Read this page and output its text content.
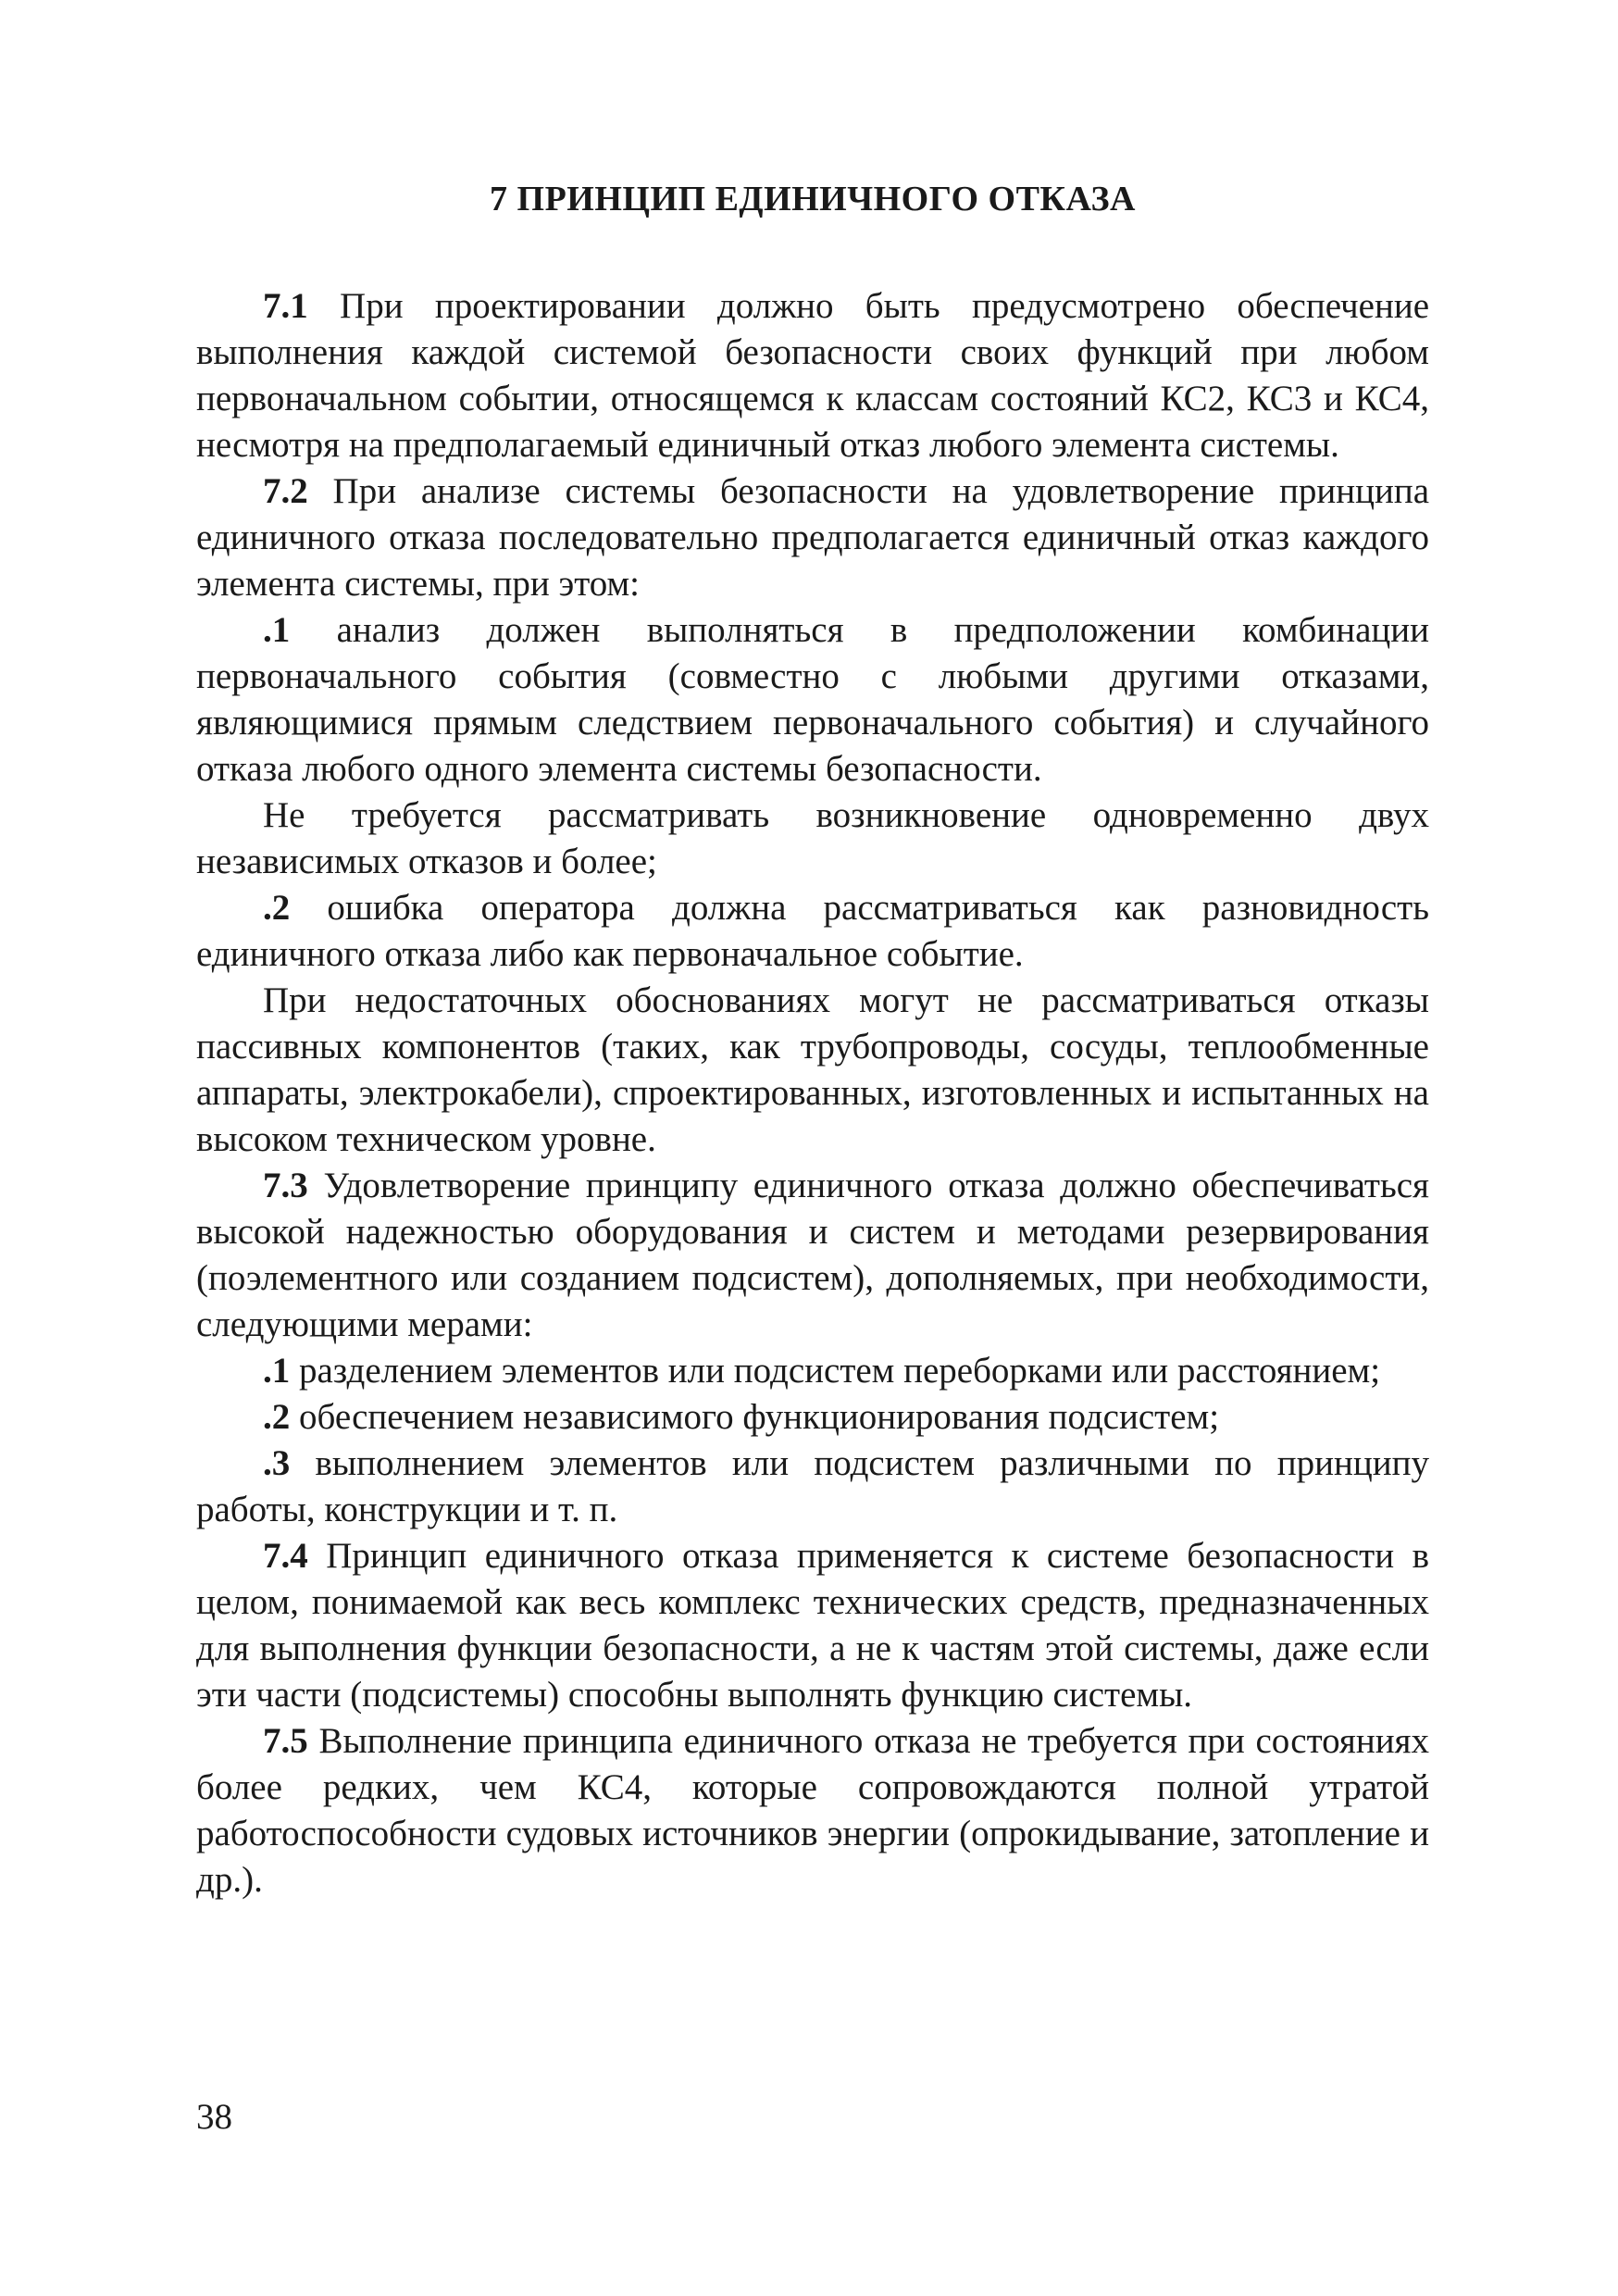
7 ПРИНЦИП ЕДИНИЧНОГО ОТКАЗА

7.1 При проектировании должно быть предусмотрено обеспечение выполнения каждой системой безопасности своих функций при любом первоначальном событии, относящемся к классам состояний КС2, КС3 и КС4, несмотря на предполагаемый единичный отказ любого элемента системы.

7.2 При анализе системы безопасности на удовлетворение принципа единичного отказа последовательно предполагается единичный отказ каждого элемента системы, при этом:

.1 анализ должен выполняться в предположении комбинации первоначального события (совместно с любыми другими отказами, являющимися прямым следствием первоначального события) и случайного отказа любого одного элемента системы безопасности.

Не требуется рассматривать возникновение одновременно двух независимых отказов и более;

.2 ошибка оператора должна рассматриваться как разновидность единичного отказа либо как первоначальное событие.

При недостаточных обоснованиях могут не рассматриваться отказы пассивных компонентов (таких, как трубопроводы, сосуды, теплообменные аппараты, электрокабели), спроектированных, изготовленных и испытанных на высоком техническом уровне.

7.3 Удовлетворение принципу единичного отказа должно обеспечиваться высокой надежностью оборудования и систем и методами резервирования (поэлементного или созданием подсистем), дополняемых, при необходимости, следующими мерами:

.1 разделением элементов или подсистем переборками или расстоянием;

.2 обеспечением независимого функционирования подсистем;

.3 выполнением элементов или подсистем различными по принципу работы, конструкции и т. п.

7.4 Принцип единичного отказа применяется к системе безопасности в целом, понимаемой как весь комплекс технических средств, предназначенных для выполнения функции безопасности, а не к частям этой системы, даже если эти части (подсистемы) способны выполнять функцию системы.

7.5 Выполнение принципа единичного отказа не требуется при состояниях более редких, чем КС4, которые сопровождаются полной утратой работоспособности судовых источников энергии (опрокидывание, затопление и др.).

38
